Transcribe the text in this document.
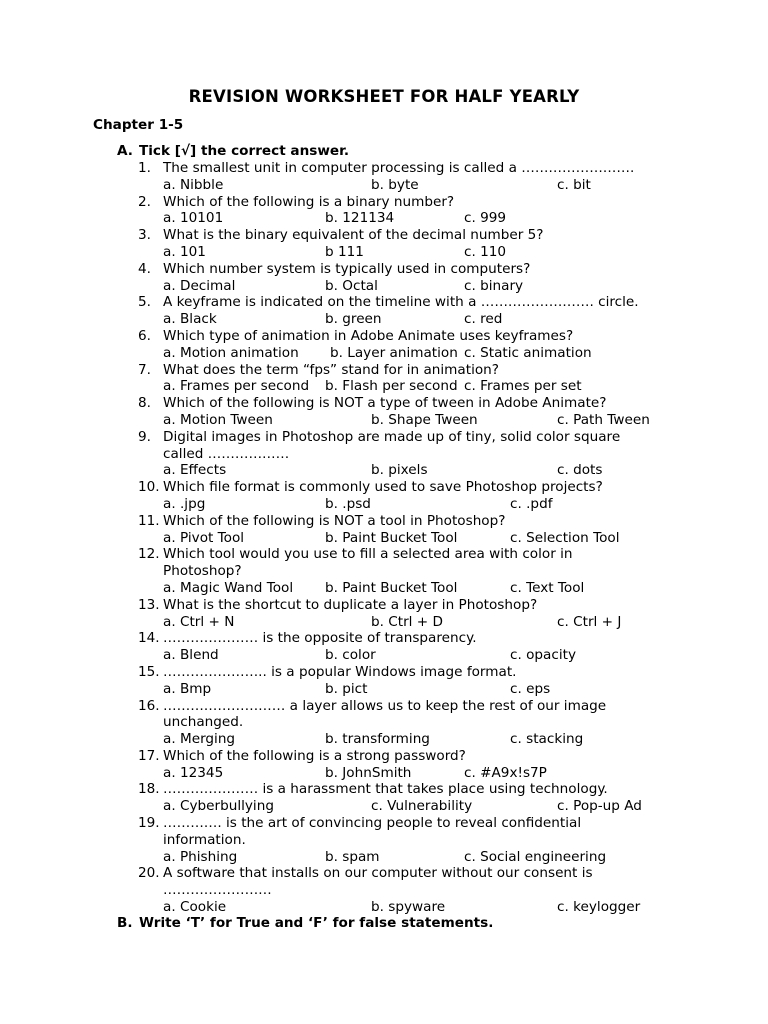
REVISION WORKSHEET FOR HALF YEARLY
Chapter 1-5
A. Tick [√] the correct answer.
1. The smallest unit in computer processing is called a …………………….
a. Nibble	b. byte	c. bit
2. Which of the following is a binary number?
a. 10101	b. 121134	c. 999
3. What is the binary equivalent of the decimal number 5?
a. 101	b 111	c. 110
4. Which number system is typically used in computers?
a. Decimal	b. Octal	c. binary
5. A keyframe is indicated on the timeline with a ……………………. circle.
a. Black	b. green	c. red
6. Which type of animation in Adobe Animate uses keyframes?
a. Motion animation b. Layer animation c. Static animation
7. What does the term “fps” stand for in animation?
a. Frames per second b. Flash per second c. Frames per set
8. Which of the following is NOT a type of tween in Adobe Animate?
a. Motion Tween	b. Shape Tween	c. Path Tween
9. Digital images in Photoshop are made up of tiny, solid color square
called ………………
a. Effects	b. pixels	c. dots
10. Which file format is commonly used to save Photoshop projects?
a. .jpg	b. .psd	c. .pdf
11. Which of the following is NOT a tool in Photoshop?
a. Pivot Tool	b. Paint Bucket Tool	c. Selection Tool
12. Which tool would you use to fill a selected area with color in
Photoshop?
a. Magic Wand Tool b. Paint Bucket Tool	c. Text Tool
13. What is the shortcut to duplicate a layer in Photoshop?
a. Ctrl + N	b. Ctrl + D	c. Ctrl + J
14. ………………… is the opposite of transparency.
a. Blend	b. color	c. opacity
15. ………………….. is a popular Windows image format.
a. Bmp	b. pict	c. eps
16. ……………………… a layer allows us to keep the rest of our image
unchanged.
a. Merging	b. transforming	c. stacking
17. Which of the following is a strong password?
a. 12345	b. JohnSmith	c. #A9x!s7P
18. ………………… is a harassment that takes place using technology.
a. Cyberbullying	c. Vulnerability	c. Pop-up Ad
19. …………. is the art of convincing people to reveal confidential
information.
a. Phishing	b. spam	c. Social engineering
20. A software that installs on our computer without our consent is
……………………
a. Cookie	b. spyware	c. keylogger
B. Write ‘T’ for True and ‘F’ for false statements.
